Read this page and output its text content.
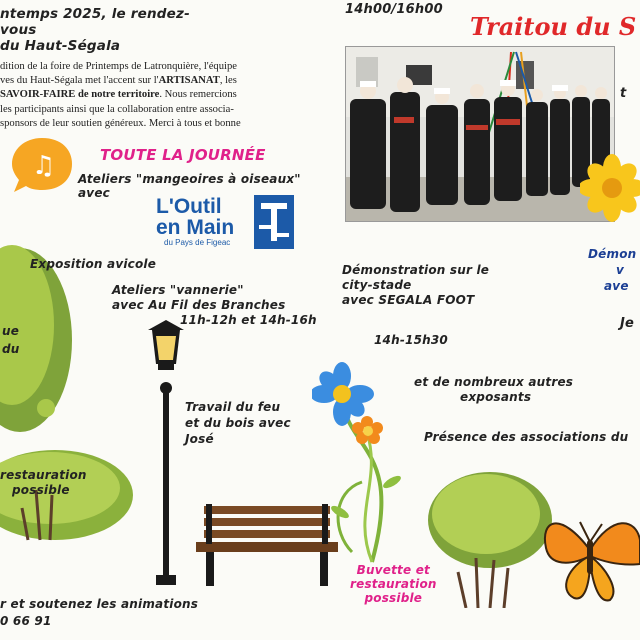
ntemps 2025, le rendez-vous
du Haut-Ségala
dition de la foire de Printemps de Latronquière, l'équipe
ves du Haut-Ségala met l'accent sur l'ARTISANAT, les
SAVOIR-FAIRE de notre territoire. Nous remercions
les participants ainsi que la collaboration entre associa-
sponsors de leur soutien généreux. Merci à tous et bonne
14h00/16h00
Traitou du S
♫	TOUTE LA JOURNÉE
Ateliers "mangeoires à oiseaux"
avec
L'Outil
en Main
du Pays de Figeac
ue
du
Exposition avicole
Ateliers "vannerie"
avec Au Fil des Branches
11h-12h et 14h-16h
Démonstration sur le
city-stade
avec SEGALA FOOT
14h-15h30
et de nombreux autres
exposants
Présence des associations du
Travail du feu
et du bois avec
José
restauration
possible
Buvette et
restauration
possible
r et soutenez les animations
0 66 91
Démon
v
ave
Je
t
